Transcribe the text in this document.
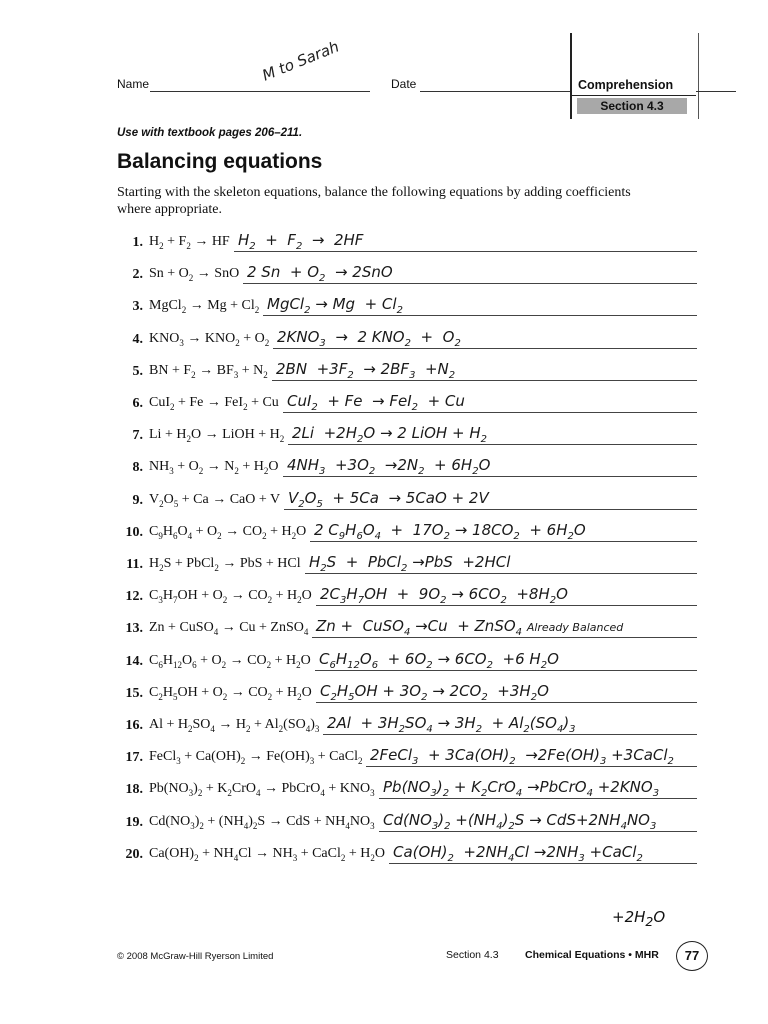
Name	M to Sarah	Date	Comprehension
Section 4.3
Use with textbook pages 206–211.
Balancing equations
Starting with the skeleton equations, balance the following equations by adding coefficients where appropriate.
1. $H_2 + F_2$ → HF $H_2 + F_2 \to 2HF$
2. $Sn + O_2$ → SnO 2 $Sn + O_2 \to 2SnO$
3. MgCl$_2$ → $Mg + Cl_2$ MgCl$_2$ → $Mg + Cl_2$
4. $KNO_3 \to KNO_2 + O_2$ $2KNO_3 \to 2$ $KNO_2 + O_2$
5. BN + $F_2 \to BF_3 + N_2$ $2BN +3F_2 \to 2BF_3 +N_2$
6. CuI$_2$ + Fe → FeI$_2$ + Cu CuI$_2$  + Fe  → FeI$_2$  + Cu
7. $Li + H_2O$ → LiOH + $H_2$ $2Li +2H_2O \to 2$ LiOH + $H_2$
8. $NH_3 + O_2 \to N_2 + H_2O$ $4NH_3 +3O_2 \to 2N_2 + 6H_2O$
9. $V_2O_5 + Ca$ → CaO + V $V_2O_5 + 5Ca \to 5CaO + 2V$
10. $C_9H_6O_4 + O_2 \to CO_2 + H_2O$ 2 $C_9H_6O_4 + 17O_2 \to 18CO_2 + 6H_2O$
11. $H_2S$ + PbCl$_2$ → PbS + HCl $H_2S$  +  PbCl$_2$ →PbS  +2HCl
12. $C_3H_7OH + O_2 \to CO_2 + H_2O$ $2C_3H_7OH + 9O_2 \to 6CO_2 +8H_2O$
13. Zn + CuSO$_4$ → Cu + ZnSO$_4$ Zn +  CuSO$_4$ →Cu  + ZnSO$_4$ Already Balanced
14. $C_6H_{12}O_6 + O_2 \to CO_2 + H_2O$ $C_6H_{12}O_6 + 6O_2 \to 6CO_2 +6$ $H_2O$
15. $C_2H_5OH + O_2 \to CO_2 + H_2O$ $C_2H_5OH + 3O_2 \to 2CO_2 +3H_2O$
16. $Al + H_2SO_4 \to H_2 + Al_2(SO_4)_3$ $2Al + 3H_2SO_4 \to 3H_2 + Al_2(SO_4)_3$
17. FeCl$_3$ + $Ca(OH)_2 \to Fe(OH)_3$ + CaCl$_2$ 2FeCl$_3$  + $3Ca(OH)_2 \to 2Fe(OH)_3$ +3CaCl$_2$
18. $Pb(NO_3)_2 + K_2CrO_4$ → PbCrO$_4$ + $KNO_3$ $Pb(NO_3)_2 + K_2CrO_4$ →PbCrO$_4$ $+2KNO_3$
19. $Cd(NO_3)_2 + (NH_4)_2S$ → CdS + $NH_4NO_3$ $Cd(NO_3)_2 +(NH_4)_2S \to CdS+2NH_4NO_3$
20. $Ca(OH)_2 + NH_4Cl \to NH_3$ + CaCl$_2$ + $H_2O$ $Ca(OH)_2 +2NH_4Cl \to 2NH_3$ +CaCl$_2$
$+2H_2O$
© 2008 McGraw-Hill Ryerson Limited	Section 4.3	Chemical Equations • MHR	77
